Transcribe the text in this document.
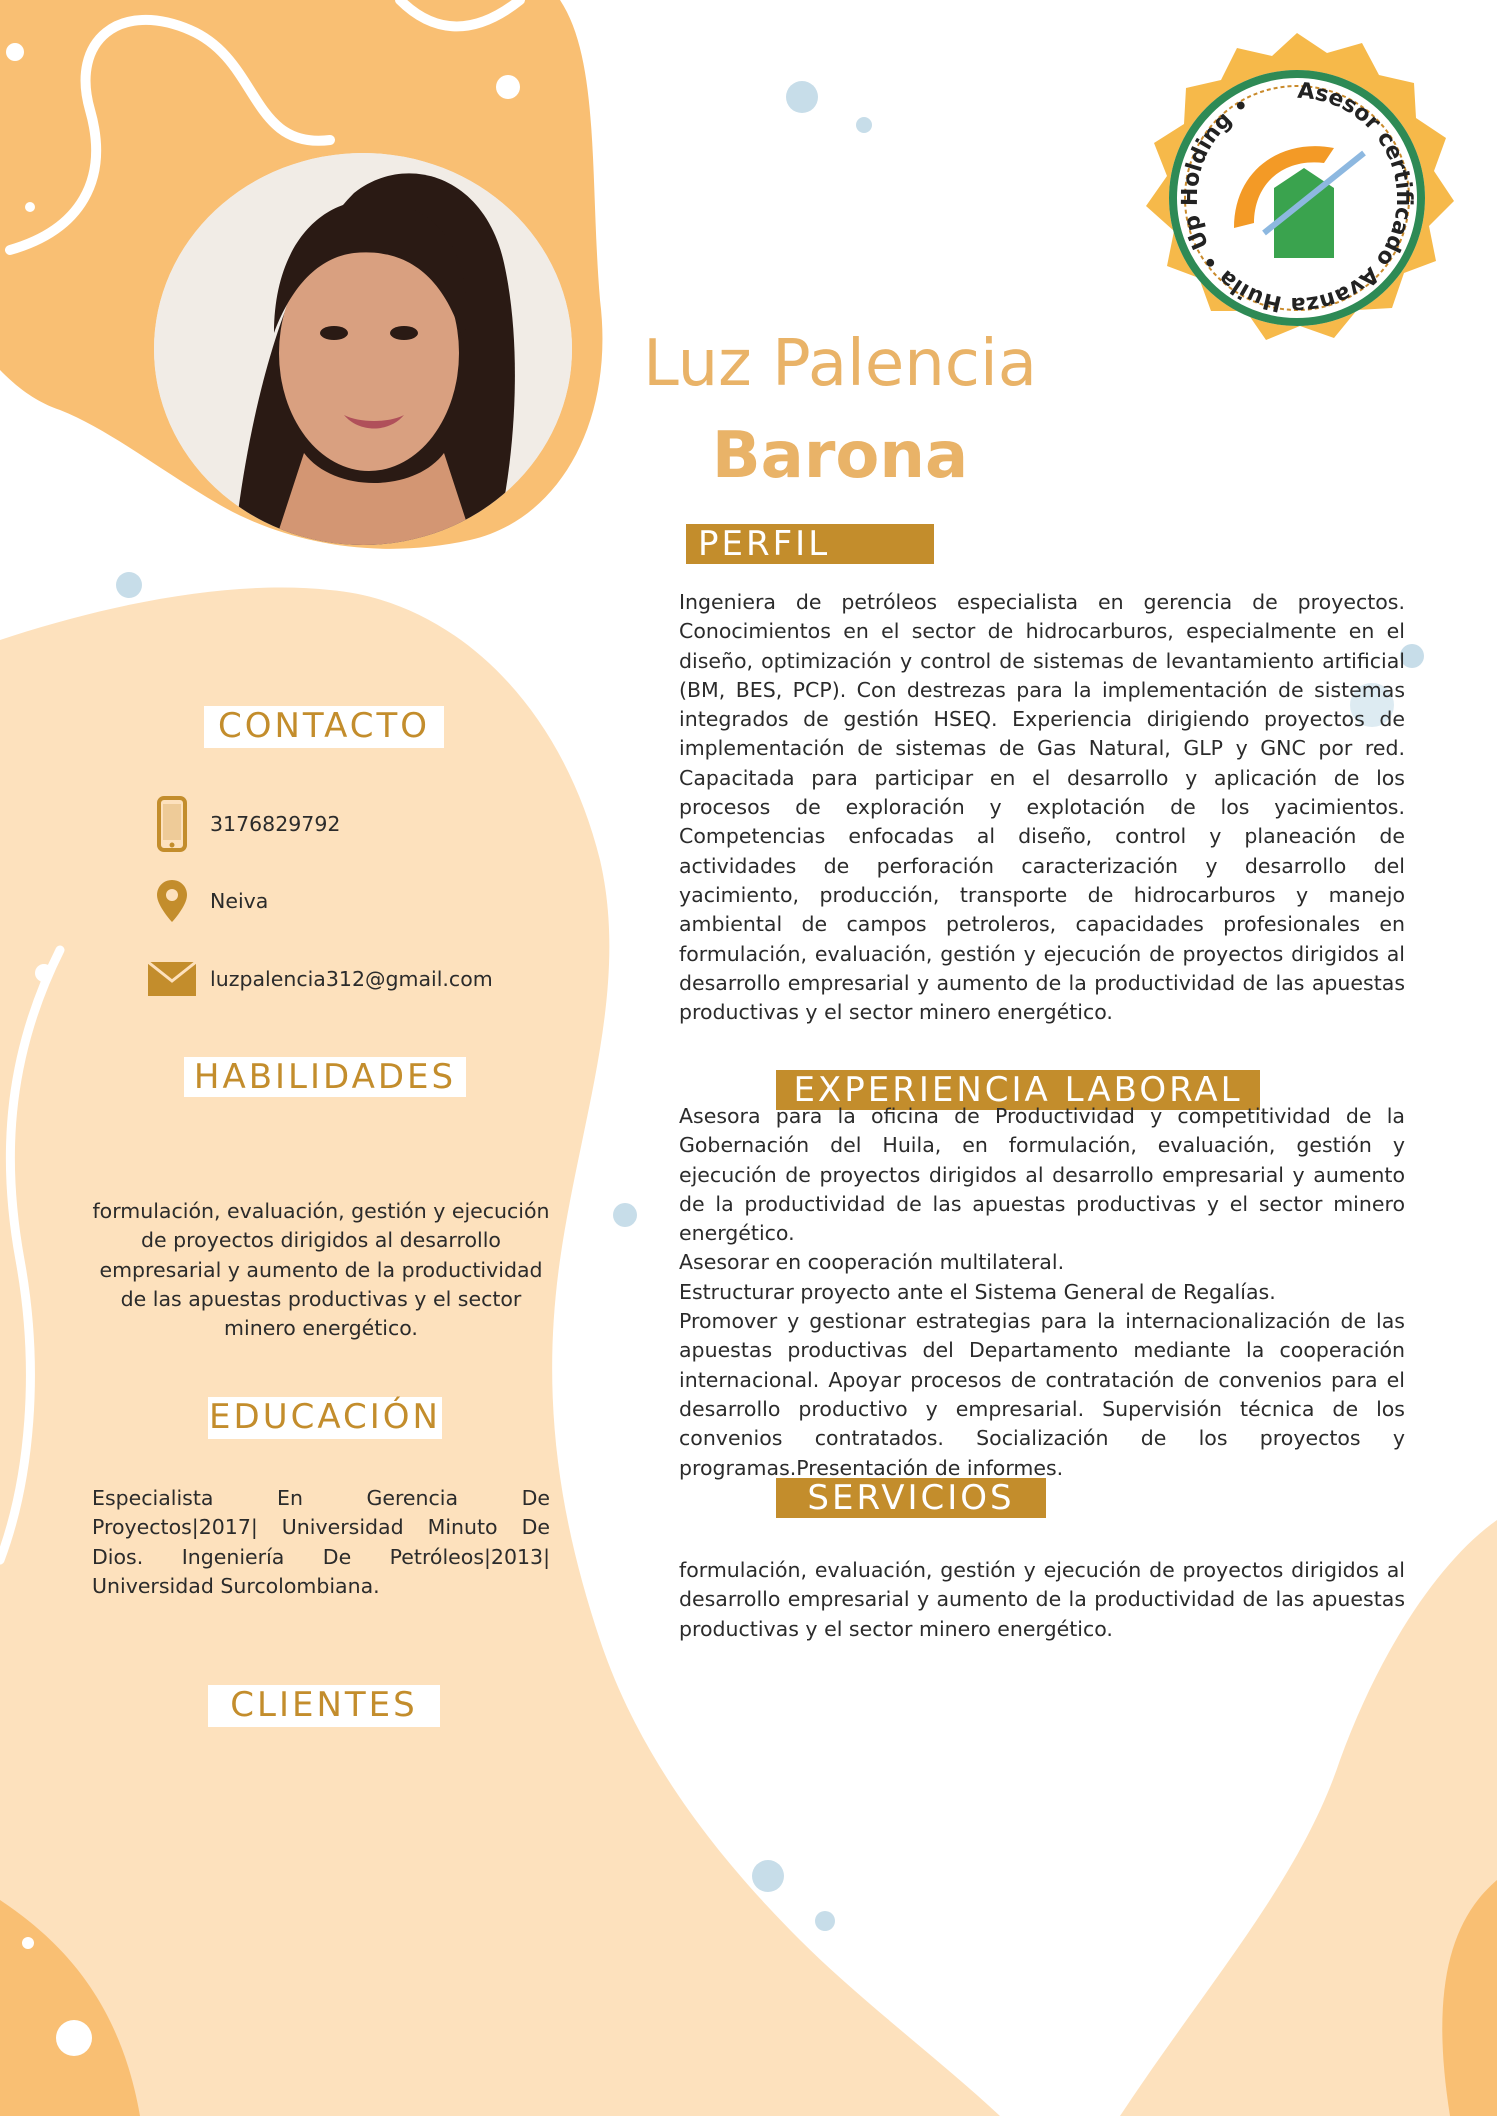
Asesor certificado Avanza Huila • Up Holding •
Luz Palencia
Barona
PERFIL
EXPERIENCIA LABORAL
SERVICIOS
CONTACTO
HABILIDADES
EDUCACIÓN
CLIENTES
Ingeniera de petróleos especialista en gerencia de proyectos. Conocimientos en el sector de hidrocarburos, especialmente en el diseño, optimización y control de sistemas de levantamiento artificial (BM, BES, PCP). Con destrezas para la implementación de sistemas integrados de gestión HSEQ. Experiencia dirigiendo proyectos de implementación de sistemas de Gas Natural, GLP y GNC por red. Capacitada para participar en el desarrollo y aplicación de los procesos de exploración y explotación de los yacimientos. Competencias enfocadas al diseño, control y planeación de actividades de perforación caracterización y desarrollo del yacimiento, producción, transporte de hidrocarburos y manejo ambiental de campos petroleros, capacidades profesionales en formulación, evaluación, gestión y ejecución de proyectos dirigidos al desarrollo empresarial y aumento de la productividad de las apuestas productivas y el sector minero energético.

Asesora para la oficina de Productividad y competitividad de la Gobernación del Huila, en formulación, evaluación, gestión y ejecución de proyectos dirigidos al desarrollo empresarial y aumento de la productividad de las apuestas productivas y el sector minero energético.

Asesorar en cooperación multilateral.

Estructurar proyecto ante el Sistema General de Regalías.

Promover y gestionar estrategias para la internacionalización de las apuestas productivas del Departamento mediante la cooperación internacional. Apoyar procesos de contratación de convenios para el desarrollo productivo y empresarial. Supervisión técnica de los convenios contratados. Socialización de los proyectos y programas.Presentación de informes.

formulación, evaluación, gestión y ejecución de proyectos dirigidos al desarrollo empresarial y aumento de la productividad de las apuestas productivas y el sector minero energético.
3176829792
Neiva
luzpalencia312@gmail.com
formulación, evaluación, gestión y ejecución de proyectos dirigidos al desarrollo empresarial y aumento de la productividad de las apuestas productivas y el sector minero energético.
Especialista En Gerencia De Proyectos|2017| Universidad Minuto De Dios. Ingeniería De Petróleos|2013| Universidad Surcolombiana.
